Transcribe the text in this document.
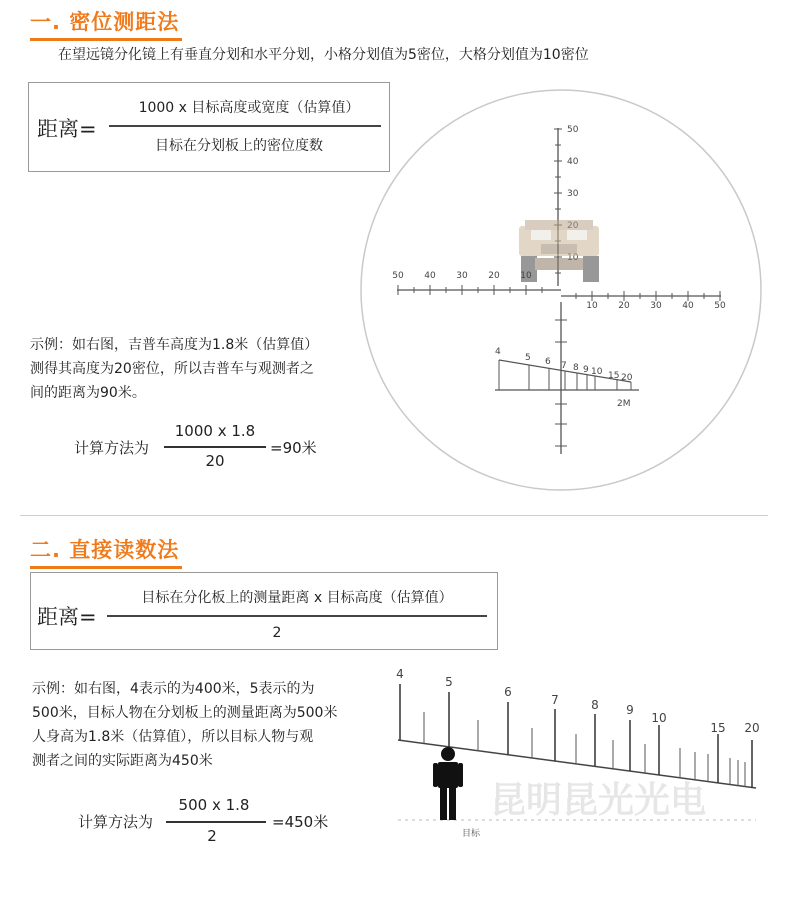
一. 密位测距法
在望远镜分化镜上有垂直分划和水平分划，小格分划值为5密位，大格分划值为10密位
距离=
1000 x 目标高度或宽度（估算值）
目标在分划板上的密位度数
50
40
30
50 40 30 20 10
10 20 30 40 50
4
5 6 7 8 9 10 15 20
2M
示例：如右图，吉普车高度为1.8米（估算值）
测得其高度为20密位，所以吉普车与观测者之
间的距离为90米。
计算方法为
1000 x 1.8
20
=90米
二. 直接读数法
距离=
目标在分化板上的测量距离 x 目标高度（估算值）
2
示例：如右图，4表示的为400米，5表示的为
500米，目标人物在分划板上的测量距离为500米
人身高为1.8米（估算值），所以目标人物与观
测者之间的实际距离为450米
计算方法为
500 x 1.8
2
=450米
昆明昆光光电
4
5
6
7	8 9
10
15 20
目标
